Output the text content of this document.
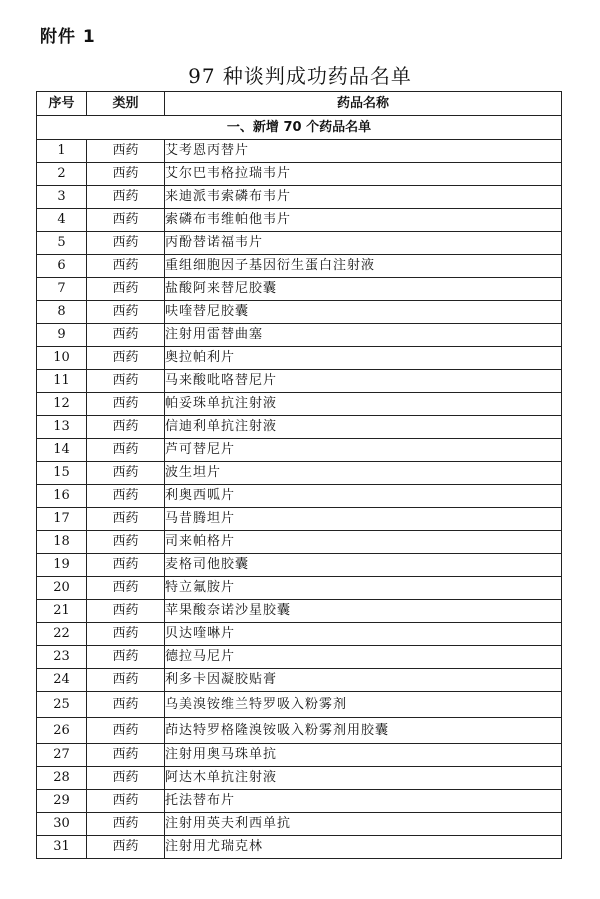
附件 1
97 种谈判成功药品名单
序号	类别	药品名称
一、新增 70 个药品名单		
1	西药	艾考恩丙替片
2	西药	艾尔巴韦格拉瑞韦片
3	西药	来迪派韦索磷布韦片
4	西药	索磷布韦维帕他韦片
5	西药	丙酚替诺福韦片
6	西药	重组细胞因子基因衍生蛋白注射液
7	西药	盐酸阿来替尼胶囊
8	西药	呋喹替尼胶囊
9	西药	注射用雷替曲塞
10	西药	奥拉帕利片
11	西药	马来酸吡咯替尼片
12	西药	帕妥珠单抗注射液
13	西药	信迪利单抗注射液
14	西药	芦可替尼片
15	西药	波生坦片
16	西药	利奥西呱片
17	西药	马昔腾坦片
18	西药	司来帕格片
19	西药	麦格司他胶囊
20	西药	特立氟胺片
21	西药	苹果酸奈诺沙星胶囊
22	西药	贝达喹啉片
23	西药	德拉马尼片
24	西药	利多卡因凝胶贴膏
25	西药	乌美溴铵维兰特罗吸入粉雾剂
26	西药	茚达特罗格隆溴铵吸入粉雾剂用胶囊
27	西药	注射用奥马珠单抗
28	西药	阿达木单抗注射液
29	西药	托法替布片
30	西药	注射用英夫利西单抗
31	西药	注射用尤瑞克林
